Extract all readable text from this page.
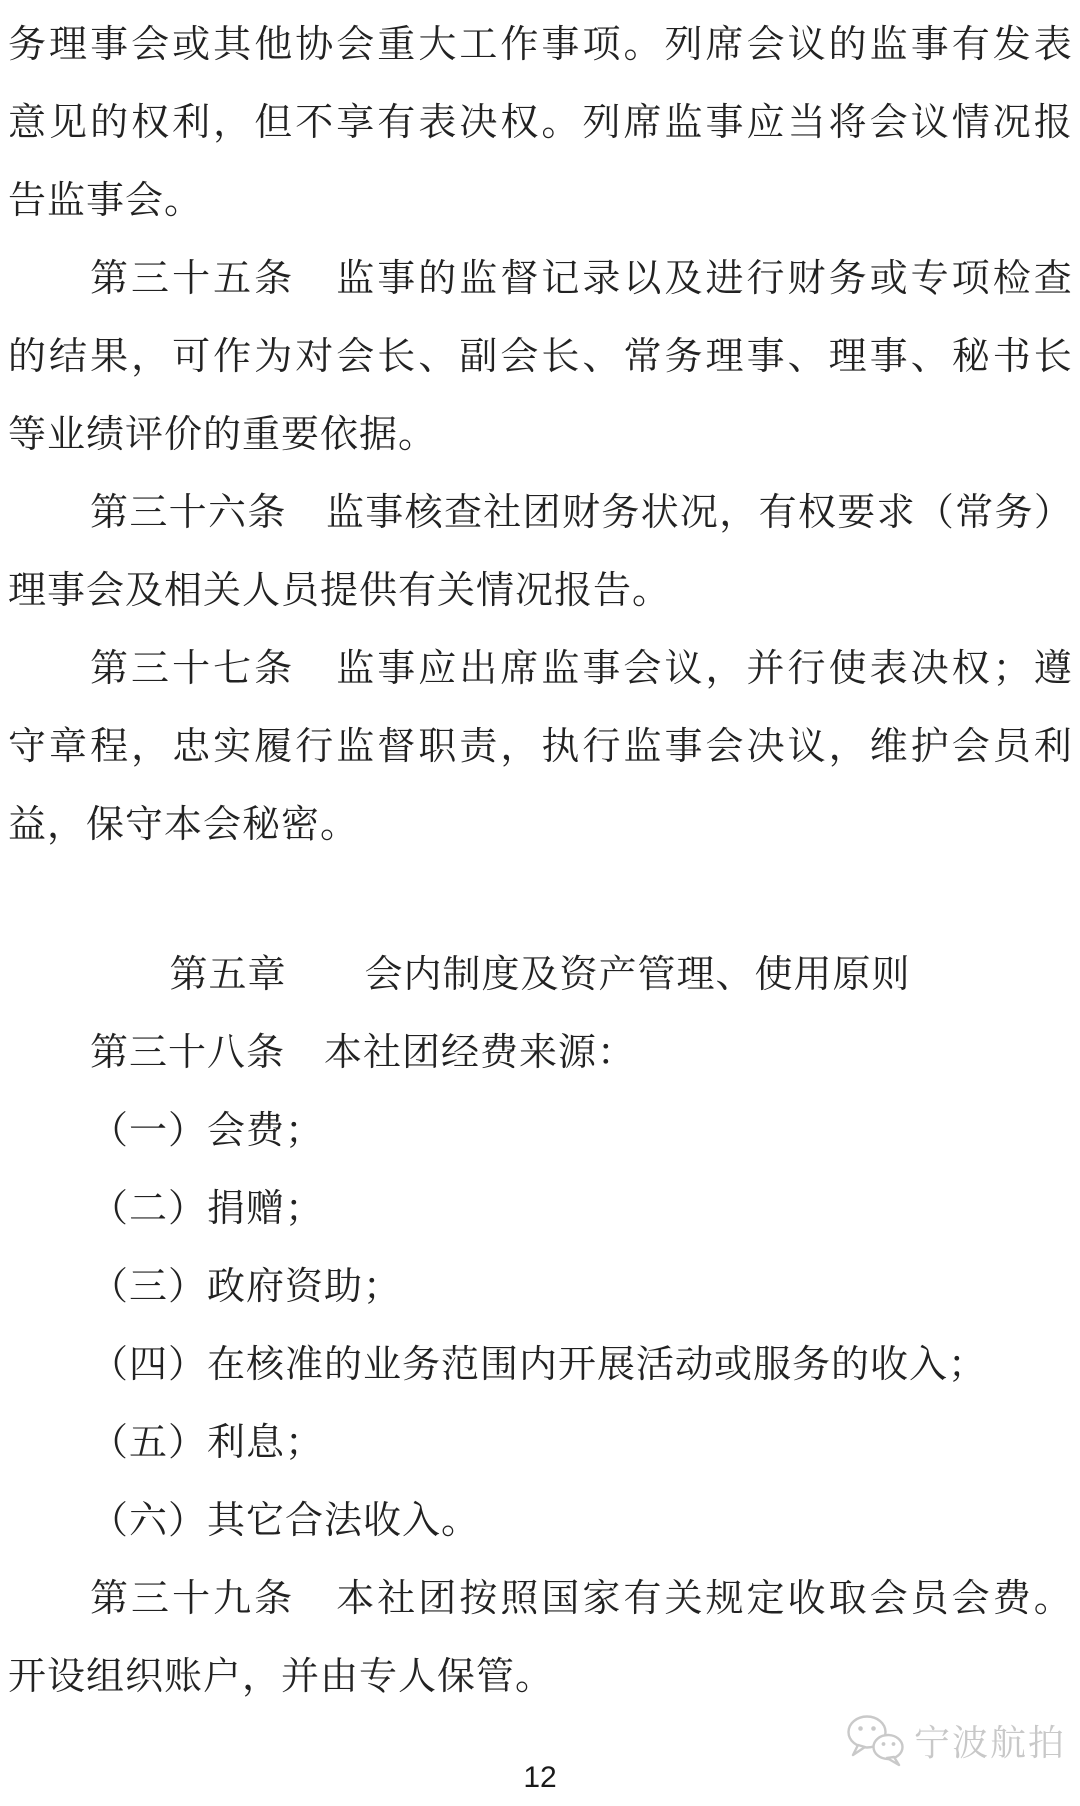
务 理 事 会 或 其 他 协 会 重 大 工 作 事 项 。 列 席 会 议 的 监 事 有 发 表
意 见 的 权 利 ， 但 不 享 有 表 决 权 。 列 席 监 事 应 当 将 会 议 情 况 报
告监事会。
第 三 十 五 条
　 监 事 的 监 督 记 录 以 及 进 行 财 务 或 专 项 检 查
的 结 果 ， 可 作 为 对 会 长 、 副 会 长 、 常 务 理 事 、 理 事 、 秘 书 长
等业绩评价的重要依据。
第 三 十 六 条
　 监 事 核 查 社 团 财 务 状 况 ， 有 权 要 求 （ 常 务 ）
理事会及相关人员提供有关情况报告。
第 三 十 七 条
　 监 事 应 出 席 监 事 会 议 ， 并 行 使 表 决 权 ； 遵
守 章 程 ， 忠 实 履 行 监 督 职 责 ， 执 行 监 事 会 决 议 ， 维 护 会 员 利
益，保守本会秘密。
第五章　　会内制度及资产管理、使用原则
第三十八条　本社团经费来源：
（一）会费；
（二）捐赠；
（三）政府资助；
（四）在核准的业务范围内开展活动或服务的收入；
（五）利息；
（六）其它合法收入。
第 三 十 九 条
　 本 社 团 按 照 国 家 有 关 规 定 收 取 会 员 会 费 。
开设组织账户，并由专人保管。
宁波航拍
12
